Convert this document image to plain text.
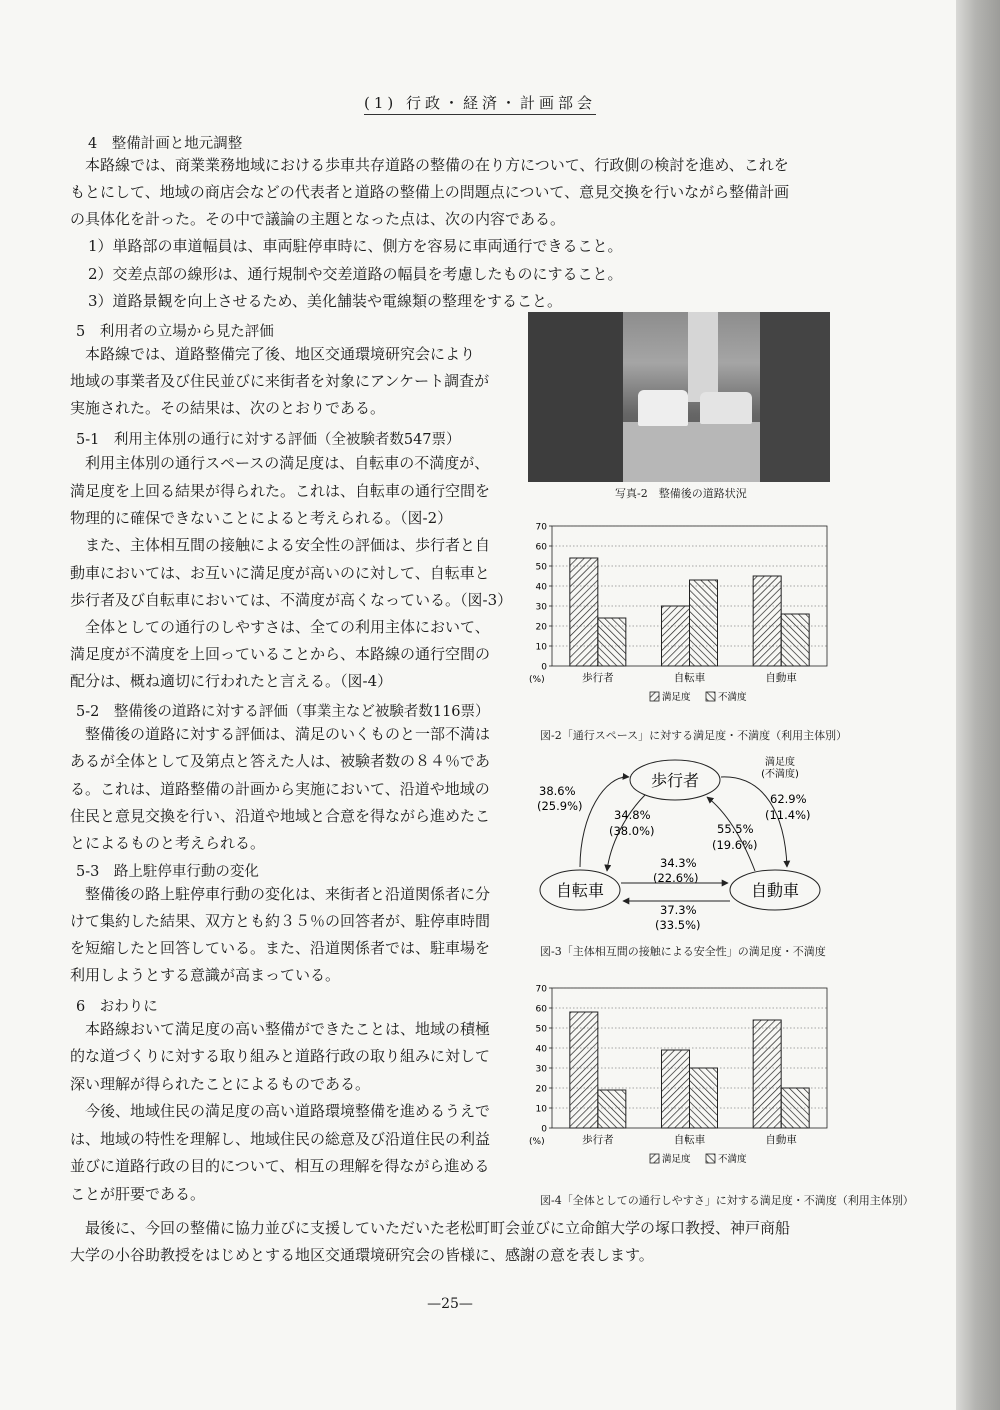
(1) 行政・経済・計画部会
4　整備計画と地元調整
本路線では、商業業務地域における歩車共存道路の整備の在り方について、行政側の検討を進め、これを
もとにして、地域の商店会などの代表者と道路の整備上の問題点について、意見交換を行いながら整備計画
の具体化を計った。その中で議論の主題となった点は、次の内容である。
1）単路部の車道幅員は、車両駐停車時に、側方を容易に車両通行できること。
2）交差点部の線形は、通行規制や交差道路の幅員を考慮したものにすること。
3）道路景観を向上させるため、美化舗装や電線類の整理をすること。
5　利用者の立場から見た評価
本路線では、道路整備完了後、地区交通環境研究会により
地域の事業者及び住民並びに来街者を対象にアンケート調査が
実施された。その結果は、次のとおりである。
5-1　利用主体別の通行に対する評価（全被験者数547票）
利用主体別の通行スペースの満足度は、自転車の不満度が、
満足度を上回る結果が得られた。これは、自転車の通行空間を
物理的に確保できないことによると考えられる。（図-2）
また、主体相互間の接触による安全性の評価は、歩行者と自
動車においては、お互いに満足度が高いのに対して、自転車と
歩行者及び自転車においては、不満度が高くなっている。（図-3）
全体としての通行のしやすさは、全ての利用主体において、
満足度が不満度を上回っていることから、本路線の通行空間の
配分は、概ね適切に行われたと言える。（図-4）
5-2　整備後の道路に対する評価（事業主など被験者数116票）
整備後の道路に対する評価は、満足のいくものと一部不満は
あるが全体として及第点と答えた人は、被験者数の８４％であ
る。これは、道路整備の計画から実施において、沿道や地域の
住民と意見交換を行い、沿道や地域と合意を得ながら進めたこ
とによるものと考えられる。
5-3　路上駐停車行動の変化
整備後の路上駐停車行動の変化は、来街者と沿道関係者に分
けて集約した結果、双方とも約３５％の回答者が、駐停車時間
を短縮したと回答している。また、沿道関係者では、駐車場を
利用しようとする意識が高まっている。
6　おわりに
本路線おいて満足度の高い整備ができたことは、地域の積極
的な道づくりに対する取り組みと道路行政の取り組みに対して
深い理解が得られたことによるものである。
今後、地域住民の満足度の高い道路環境整備を進めるうえで
は、地域の特性を理解し、地域住民の総意及び沿道住民の利益
並びに道路行政の目的について、相互の理解を得ながら進める
ことが肝要である。
最後に、今回の整備に協力並びに支援していただいた老松町町会並びに立命館大学の塚口教授、神戸商船
大学の小谷助教授をはじめとする地区交通環境研究会の皆様に、感謝の意を表します。
写真-2　整備後の道路状況
0
10
20
30
40
50
60
70
歩行者	自転車	自動車
(%)
満足度	不満度
図-2「通行スペース」に対する満足度・不満度（利用主体別）
歩行者
自転車	自動車
満足度
(不満度)
38.6%
(25.9%)
34.8%
(38.0%)
62.9%
(11.4%)
55.5%
(19.6%)
34.3%
(22.6%)
37.3%
(33.5%)
図-3「主体相互間の接触による安全性」の満足度・不満度
0
10
20
30
40
50
60
70
歩行者	自転車	自動車
(%)
満足度	不満度
図-4「全体としての通行しやすさ」に対する満足度・不満度（利用主体別）
—25—
